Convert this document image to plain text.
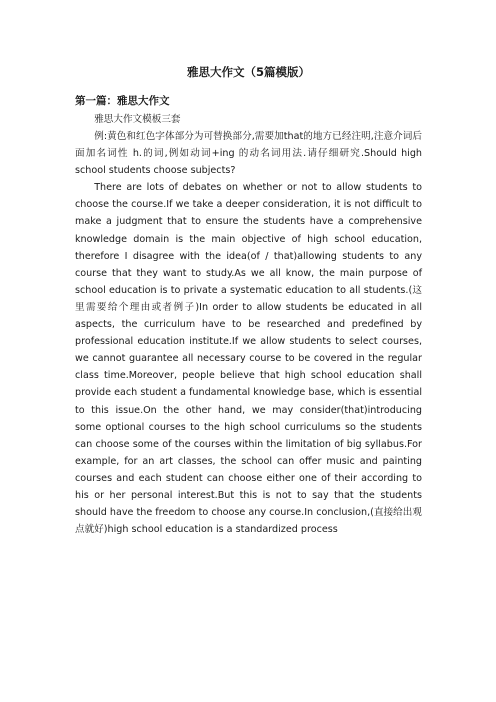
雅思大作文（5篇模版）
第一篇：雅思大作文
雅思大作文模板三套

例:黄色和红色字体部分为可替换部分,需要加that的地方已经注明,注意介词后面加名词性 h.的词,例如动词+ing 的动名词用法.请仔细研究.Should high school students choose subjects?

There are lots of debates on whether or not to allow students to choose the course.If we take a deeper consideration, it is not difficult to make a judgment that to ensure the students have a comprehensive knowledge domain is the main objective of high school education, therefore I disagree with the idea(of / that)allowing students to any course that they want to study.As we all know, the main purpose of school education is to private a systematic education to all students.(这里需要给个理由或者例子)In order to allow students be educated in all aspects, the curriculum have to be researched and predefined by professional education institute.If we allow students to select courses, we cannot guarantee all necessary course to be covered in the regular class time.Moreover, people believe that high school education shall provide each student a fundamental knowledge base, which is essential to this issue.On the other hand, we may consider(that)introducing some optional courses to the high school curriculums so the students can choose some of the courses within the limitation of big syllabus.For example, for an art classes, the school can offer music and painting courses and each student can choose either one of their according to his or her personal interest.But this is not to say that the students should have the freedom to choose any course.In conclusion,(直接给出观点就好)high school education is a standardized process
